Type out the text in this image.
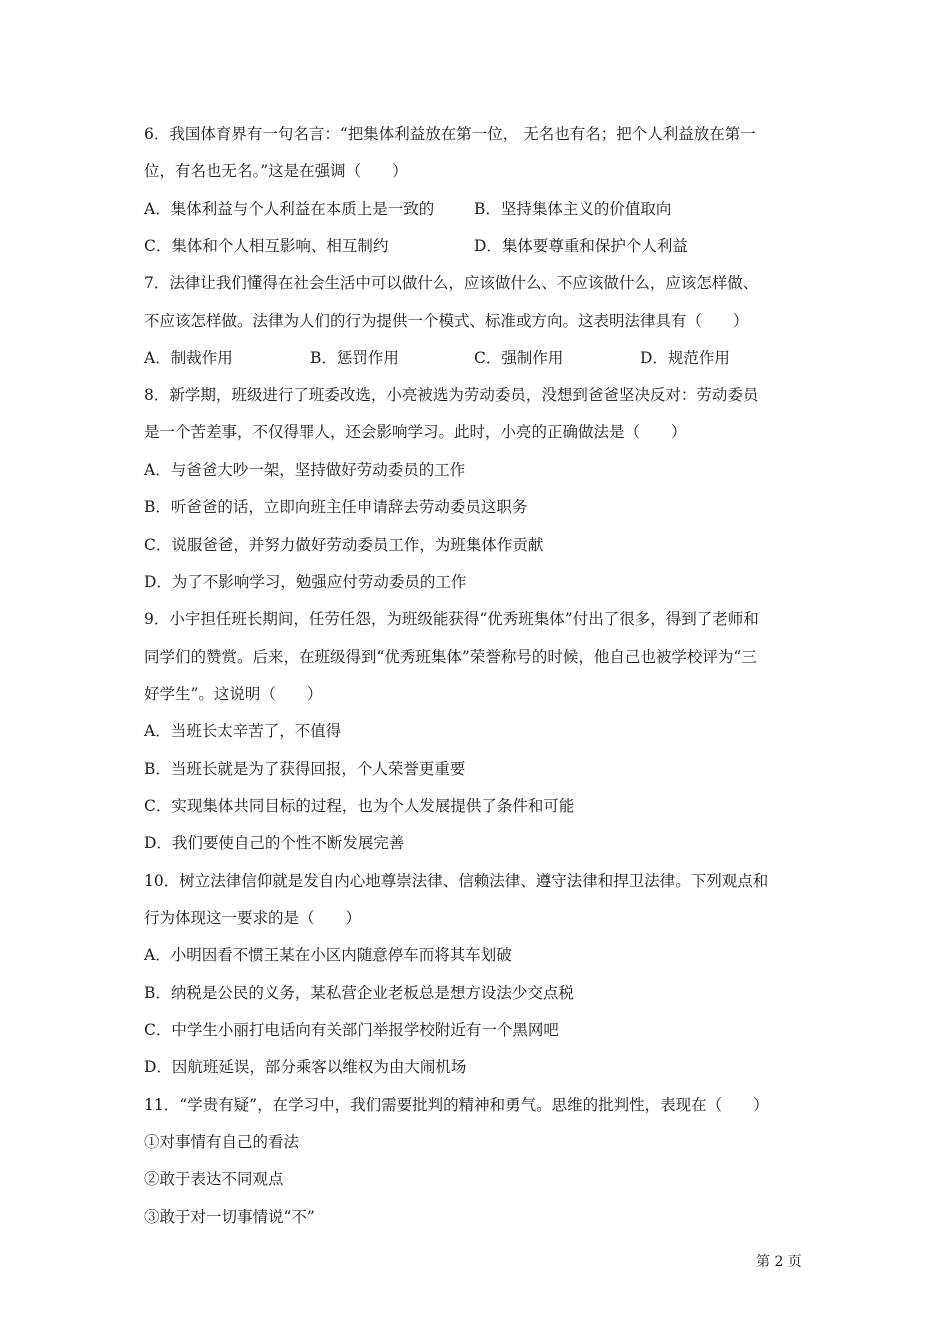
6．我国体育界有一句名言：“把集体利益放在第一位， 无名也有名；把个人利益放在第一
位，有名也无名。”这是在强调（　　）
A．集体利益与个人利益在本质上是一致的	B．坚持集体主义的价值取向
C．集体和个人相互影响、相互制约	D．集体要尊重和保护个人利益
7．法律让我们懂得在社会生活中可以做什么，应该做什么、不应该做什么，应该怎样做、
不应该怎样做。法律为人们的行为提供一个模式、标准或方向。这表明法律具有（　　）
A．制裁作用	B．惩罚作用	C．强制作用	D．规范作用
8．新学期，班级进行了班委改选，小亮被选为劳动委员，没想到爸爸坚决反对：劳动委员
是一个苦差事，不仅得罪人，还会影响学习。此时，小亮的正确做法是（　　）
A．与爸爸大吵一架，坚持做好劳动委员的工作
B．听爸爸的话，立即向班主任申请辞去劳动委员这职务
C．说服爸爸，并努力做好劳动委员工作，为班集体作贡献
D．为了不影响学习，勉强应付劳动委员的工作
9．小宇担任班长期间，任劳任怨，为班级能获得“优秀班集体”付出了很多，得到了老师和
同学们的赞赏。后来，在班级得到“优秀班集体”荣誉称号的时候，他自己也被学校评为“三
好学生”。这说明（　　）
A．当班长太辛苦了，不值得
B．当班长就是为了获得回报，个人荣誉更重要
C．实现集体共同目标的过程，也为个人发展提供了条件和可能
D．我们要使自己的个性不断发展完善
10．树立法律信仰就是发自内心地尊崇法律、信赖法律、遵守法律和捍卫法律。下列观点和
行为体现这一要求的是（　　）
A．小明因看不惯王某在小区内随意停车而将其车划破
B．纳税是公民的义务，某私营企业老板总是想方设法少交点税
C．中学生小丽打电话向有关部门举报学校附近有一个黑网吧
D．因航班延误，部分乘客以维权为由大闹机场
11．“学贵有疑”，在学习中，我们需要批判的精神和勇气。思维的批判性，表现在（　　）
①对事情有自己的看法
②敢于表达不同观点
③敢于对一切事情说“不”
第 2 页
